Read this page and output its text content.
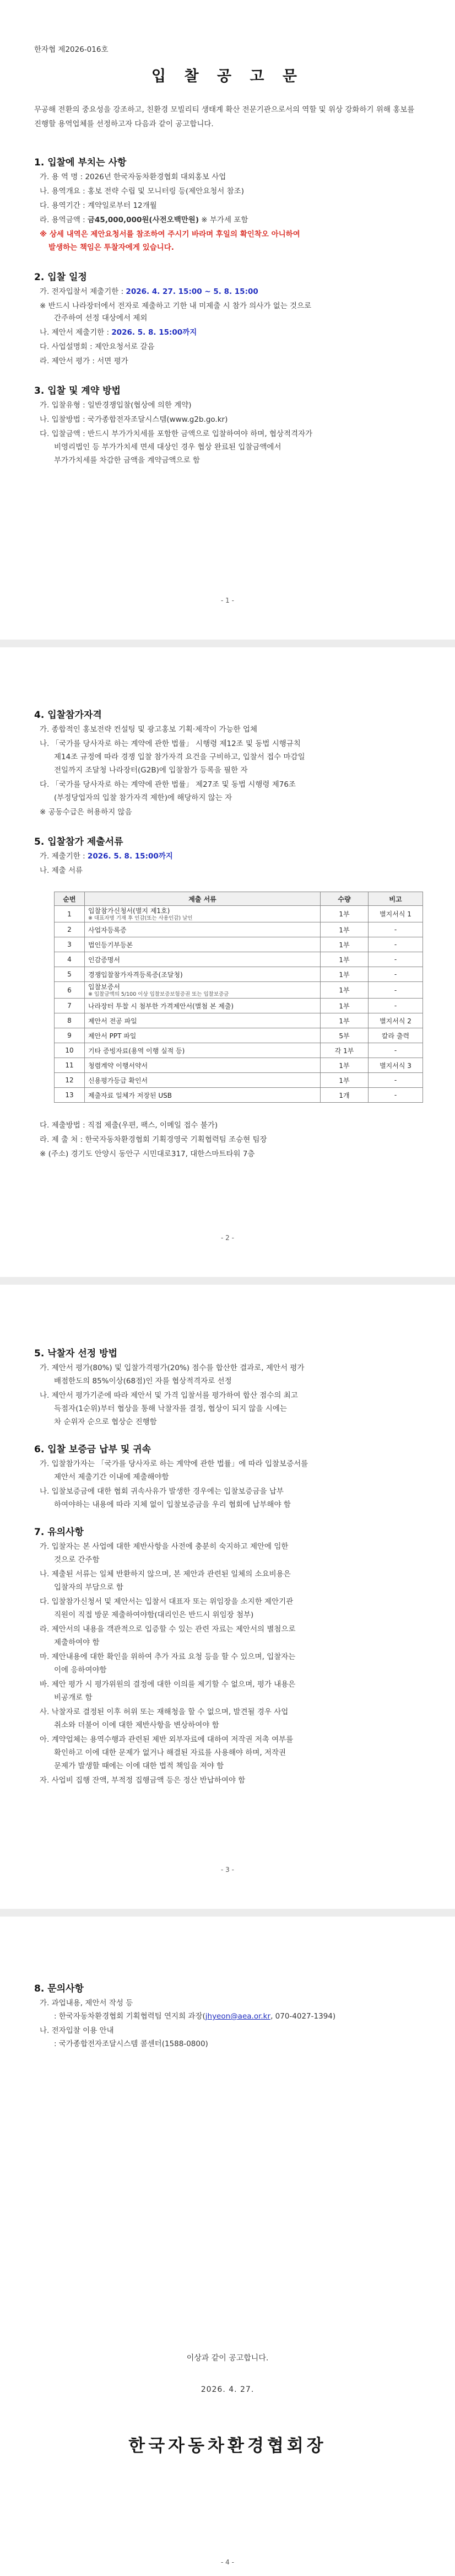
한자협 제2026-016호
입 찰 공 고 문
무공해 전환의 중요성을 강조하고, 친환경 모빌리티 생태계 확산 전문기관으로서의 역할 및 위상 강화하기 위해 홍보를 진행할 용역업체를 선정하고자 다음과 같이 공고합니다.
1. 입찰에 부치는 사항
가. 용 역 명 : 2026년 한국자동차환경협회 대외홍보 사업
나. 용역개요 : 홍보 전략 수립 및 모니터링 등(제안요청서 참조)
다. 용역기간 : 계약일로부터 12개월
라. 용역금액 : 금45,000,000원(사전오백만원) ※ 부가세 포함
※ 상세 내역은 제안요청서를 참조하여 주시기 바라며 후일의 확인착오 아니하여
발생하는 책임은 투찰자에게 있습니다.
2. 입찰 일정
가. 전자입찰서 제출기한 : 2026. 4. 27. 15:00 ~ 5. 8. 15:00
※ 반드시 나라장터에서 전자로 제출하고 기한 내 미제출 시 참가 의사가 없는 것으로
간주하여 선정 대상에서 제외
나. 제안서 제출기한 : 2026. 5. 8. 15:00까지
다. 사업설명회 : 제안요청서로 갈음
라. 제안서 평가 : 서면 평가
3. 입찰 및 계약 방법
가. 입찰유형 : 일반경쟁입찰(협상에 의한 계약)
나. 입찰방법 : 국가종합전자조달시스템(www.g2b.go.kr)
다. 입찰금액 : 반드시 부가가치세를 포함한 금액으로 입찰하여야 하며, 협상적격자가
비영리법인 등 부가가치세 면세 대상인 경우 협상 완료된 입찰금액에서
부가가치세를 차감한 금액을 계약금액으로 함
- 1 -
4. 입찰참가자격
가. 종합적인 홍보전략 컨설팅 및 광고홍보 기획·제작이 가능한 업체
나. 「국가를 당사자로 하는 계약에 관한 법률」 시행령 제12조 및 동법 시행규칙
제14조 규정에 따라 경쟁 입찰 참가자격 요건을 구비하고, 입찰서 접수 마감일
전일까지 조달청 나라장터(G2B)에 입찰참가 등록을 필한 자
다. 「국가를 당사자로 하는 계약에 관한 법률」 제27조 및 동법 시행령 제76조
(부정당업자의 입찰 참가자격 제한)에 해당하지 않는 자
※ 공동수급은 허용하지 않음
5. 입찰참가 제출서류
가. 제출기한 : 2026. 5. 8. 15:00까지
나. 제출 서류
순번	제출 서류	수량	비고
1	입찰참가신청서(별지 제1호)
※ 대표자명 기재 후 인감(또는 사용인감) 날인	1부	별지서식 1
2	사업자등록증	1부	-
3	법인등기부등본	1부	-
4	인감증명서	1부	-
5	경쟁입찰참가자격등록증(조달청)	1부	-
6	입찰보증서
※ 입찰금액의 5/100 이상 입찰보증보험증권 또는 입찰보증금	1부	-
7	나라장터 투찰 시 첨부한 가격제안서(별첨 본 제출)	1부	-
8	제안서 전공 파일	1부	별지서식 2
9	제안서 PPT 파일	5부	칼라 출력
10	기타 증빙자료(용역 이행 실적 등)	각 1부	-
11	청렴계약 이행서약서	1부	별지서식 3
12	신용평가등급 확인서	1부	-
13	제출자료 일체가 저장된 USB	1개	-
다. 제출방법 : 직접 제출(우편, 팩스, 이메일 접수 불가)
라. 제 출 처 : 한국자동차환경협회 기획경영국 기획협력팀 조승현 팀장
※ (주소) 경기도 안양시 동안구 시민대로317, 대한스마트타워 7층
- 2 -
5. 낙찰자 선정 방법
가. 제안서 평가(80%) 및 입찰가격평가(20%) 점수를 합산한 결과로, 제안서 평가
배점한도의 85%이상(68점)인 자를 협상적격자로 선정
나. 제안서 평가기준에 따라 제안서 및 가격 입찰서를 평가하여 합산 점수의 최고
득점자(1순위)부터 협상을 통해 낙찰자를 결정, 협상이 되지 않을 시에는
차 순위자 순으로 협상순 진행함
6. 입찰 보증금 납부 및 귀속
가. 입찰참가자는 「국가를 당사자로 하는 계약에 관한 법률」에 따라 입찰보증서를
제안서 제출기간 이내에 제출해야함
나. 입찰보증금에 대한 협회 귀속사유가 발생한 경우에는 입찰보증금을 납부
하여야하는 내용에 따라 지체 없이 입찰보증금을 우리 협회에 납부해야 함
7. 유의사항
가. 입찰자는 본 사업에 대한 제반사항을 사전에 충분히 숙지하고 제안에 임한
것으로 간주함
나. 제출된 서류는 일체 반환하지 않으며, 본 제안과 관련된 일체의 소요비용은
입찰자의 부담으로 함
다. 입찰참가신청서 및 제안서는 입찰서 대표자 또는 위임장을 소지한 제안기관
직원이 직접 방문 제출하여야함(대리인은 반드시 위임장 첨부)
라. 제안서의 내용을 객관적으로 입증할 수 있는 관련 자료는 제안서의 별첨으로
제출하여야 함
마. 제안내용에 대한 확인을 위하여 추가 자료 요청 등을 할 수 있으며, 입찰자는
이에 응하여야함
바. 제안 평가 시 평가위원의 결정에 대한 이의를 제기할 수 없으며, 평가 내용은
비공개로 함
사. 낙찰자로 결정된 이후 허위 또는 재해청을 할 수 없으며, 발견될 경우 사업
취소와 더불어 이에 대한 제반사항을 변상하여야 함
아. 계약업체는 용역수행과 관련된 제반 외부자료에 대하여 저작권 저촉 여부를
확인하고 이에 대한 문제가 없거나 해결된 자료를 사용해야 하며, 저작권
문제가 발생할 때에는 이에 대한 법적 책임을 져야 함
자. 사업비 집행 잔액, 부적정 집행금액 등은 정산 반납하여야 함
- 3 -
8. 문의사항
가. 과업내용, 제안서 작성 등
: 한국자동차환경협회 기획협력팀 연지희 과장(jhyeon@aea.or.kr, 070-4027-1394)
나. 전자입찰 이용 안내
: 국가종합전자조달시스템 콜센터(1588-0800)
이상과 같이 공고합니다.
2026. 4. 27.
한국자동차환경협회장
- 4 -
